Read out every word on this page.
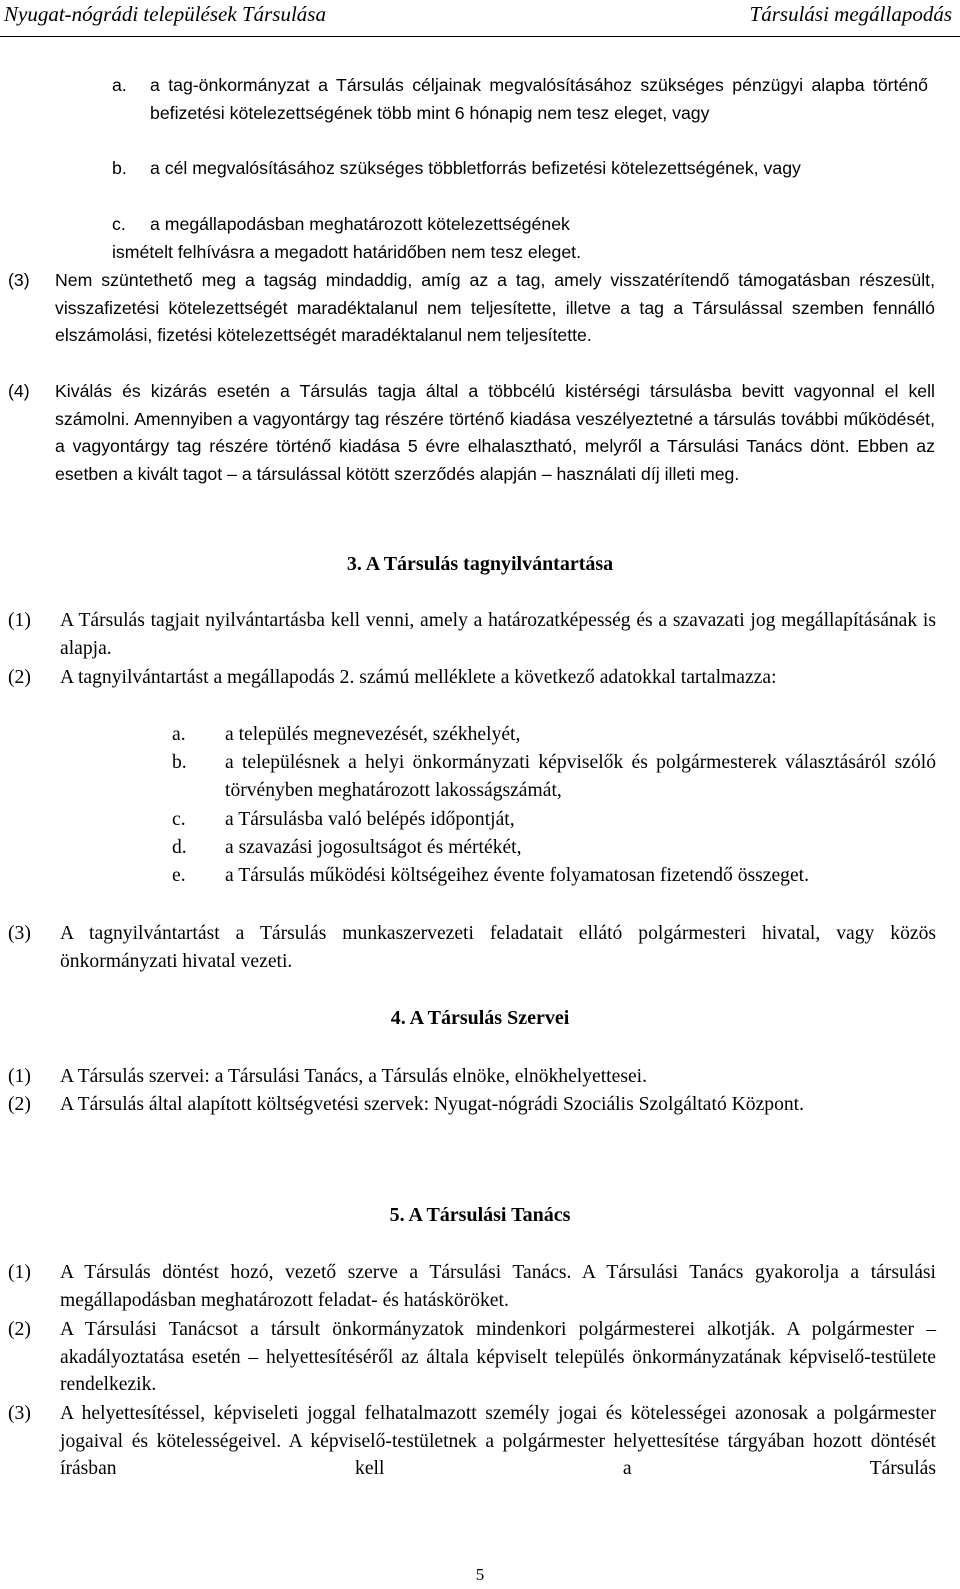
Nyugat-nógrádi települések Társulása	Társulási megállapodás
a. a tag-önkormányzat a Társulás céljainak megvalósításához szükséges pénzügyi alapba történő befizetési kötelezettségének több mint 6 hónapig nem tesz eleget, vagy

b. a cél megvalósításához szükséges többletforrás befizetési kötelezettségének, vagy

c. a megállapodásban meghatározott kötelezettségének

ismételt felhívásra a megadott határidőben nem tesz eleget.

(3) Nem szüntethető meg a tagság mindaddig, amíg az a tag, amely visszatérítendő támogatásban részesült, visszafizetési kötelezettségét maradéktalanul nem teljesítette, illetve a tag a Társulással szemben fennálló elszámolási, fizetési kötelezettségét maradéktalanul nem teljesítette.

(4) Kiválás és kizárás esetén a Társulás tagja által a többcélú kistérségi társulásba bevitt vagyonnal el kell számolni. Amennyiben a vagyontárgy tag részére történő kiadása veszélyeztetné a társulás további működését, a vagyontárgy tag részére történő kiadása 5 évre elhalasztható, melyről a Társulási Tanács dönt. Ebben az esetben a kivált tagot – a társulással kötött szerződés alapján – használati díj illeti meg.

3. A Társulás tagnyilvántartása
(1) A Társulás tagjait nyilvántartásba kell venni, amely a határozatképesség és a szavazati jog megállapításának is alapja.

(2) A tagnyilvántartást a megállapodás 2. számú melléklete a következő adatokkal tartalmazza:

a. a település megnevezését, székhelyét,

b. a településnek a helyi önkormányzati képviselők és polgármesterek választásáról szóló törvényben meghatározott lakosságszámát,

c. a Társulásba való belépés időpontját,

d. a szavazási jogosultságot és mértékét,

e. a Társulás működési költségeihez évente folyamatosan fizetendő összeget.

(3) A tagnyilvántartást a Társulás munkaszervezeti feladatait ellátó polgármesteri hivatal, vagy közös önkormányzati hivatal vezeti.

4. A Társulás Szervei
(1) A Társulás szervei: a Társulási Tanács, a Társulás elnöke, elnökhelyettesei.

(2) A Társulás által alapított költségvetési szervek: Nyugat-nógrádi Szociális Szolgáltató Központ.

5. A Társulási Tanács
(1) A Társulás döntést hozó, vezető szerve a Társulási Tanács. A Társulási Tanács gyakorolja a társulási megállapodásban meghatározott feladat- és hatásköröket.

(2) A Társulási Tanácsot a társult önkormányzatok mindenkori polgármesterei alkotják. A polgármester – akadályoztatása esetén – helyettesítéséről az általa képviselt település önkormányzatának képviselő-testülete rendelkezik.

(3) A helyettesítéssel, képviseleti joggal felhatalmazott személy jogai és kötelességei azonosak a polgármester jogaival és kötelességeivel. A képviselő-testületnek a polgármester helyettesítése tárgyában hozott döntését írásban kell a Társulás

5
